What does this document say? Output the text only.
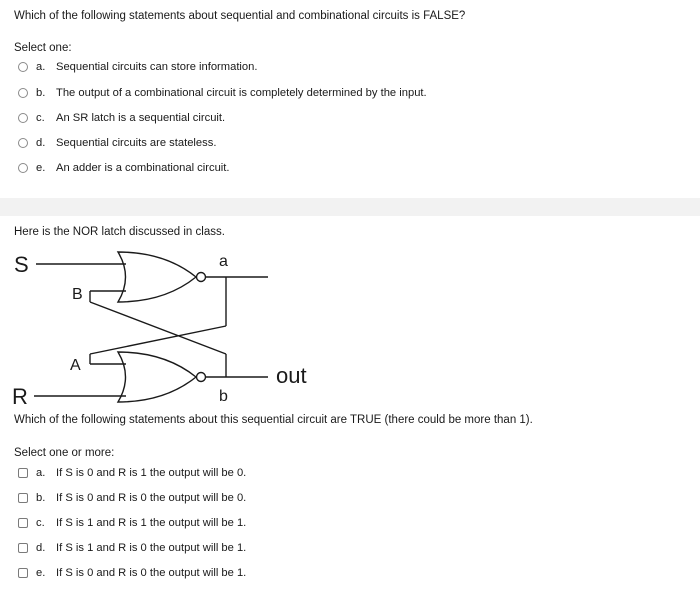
Which of the following statements about sequential and combinational circuits is FALSE?
Select one:
a. Sequential circuits can store information.
b. The output of a combinational circuit is completely determined by the input.
c.	An SR latch is a sequential circuit.
d. Sequential circuits are stateless.
e. An adder is a combinational circuit.
Here is the NOR latch discussed in class.
S	a
B
A	out
R	b
Which of the following statements about this sequential circuit are TRUE (there could be more than 1).
Select one or more:
a. If S is 0 and R is 1 the output will be 0.
b. If S is 0 and R is 0 the output will be 0.
c.	If S is 1 and R is 1 the output will be 1.
d. If S is 1 and R is 0 the output will be 1.
e. If S is 0 and R is 0 the output will be 1.
